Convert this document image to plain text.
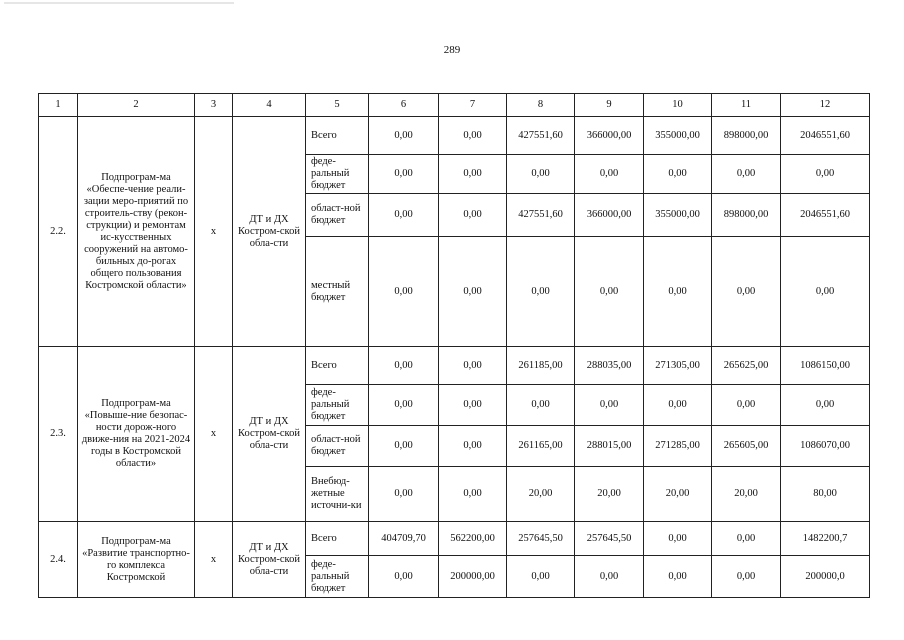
289
1	2	3	4	5	6	7	8	9	10	11	12
2.2.	Подпрограм-ма «Обеспе-чение реали-зации меро-приятий по строитель-ству (рекон-струкции) и ремонтам ис-кусственных сооружений на автомо-бильных до-рогах общего пользования Костромской области»	х	ДТ и ДХ Костром-ской обла-сти	Всего	0,00	0,00	427551,60	366000,00	355000,00	898000,00	2046551,60
				феде-ральный бюджет	0,00	0,00	0,00	0,00	0,00	0,00	0,00
				област-ной бюджет	0,00	0,00	427551,60	366000,00	355000,00	898000,00	2046551,60
				местный бюджет	0,00	0,00	0,00	0,00	0,00	0,00	0,00
2.3.	Подпрограм-ма «Повыше-ние безопас-ности дорож-ного движе-ния на 2021-2024 годы в Костромской области»	х	ДТ и ДХ Костром-ской обла-сти	Всего	0,00	0,00	261185,00	288035,00	271305,00	265625,00	1086150,00
				феде-ральный бюджет	0,00	0,00	0,00	0,00	0,00	0,00	0,00
				област-ной бюджет	0,00	0,00	261165,00	288015,00	271285,00	265605,00	1086070,00
				Внебюд-жетные источни-ки	0,00	0,00	20,00	20,00	20,00	20,00	80,00
2.4.	Подпрограм-ма «Развитие транспортно-го комплекса Костромской	х	ДТ и ДХ Костром-ской обла-сти	Всего	404709,70	562200,00	257645,50	257645,50	0,00	0,00	1482200,7
				феде-ральный бюджет	0,00	200000,00	0,00	0,00	0,00	0,00	200000,0
